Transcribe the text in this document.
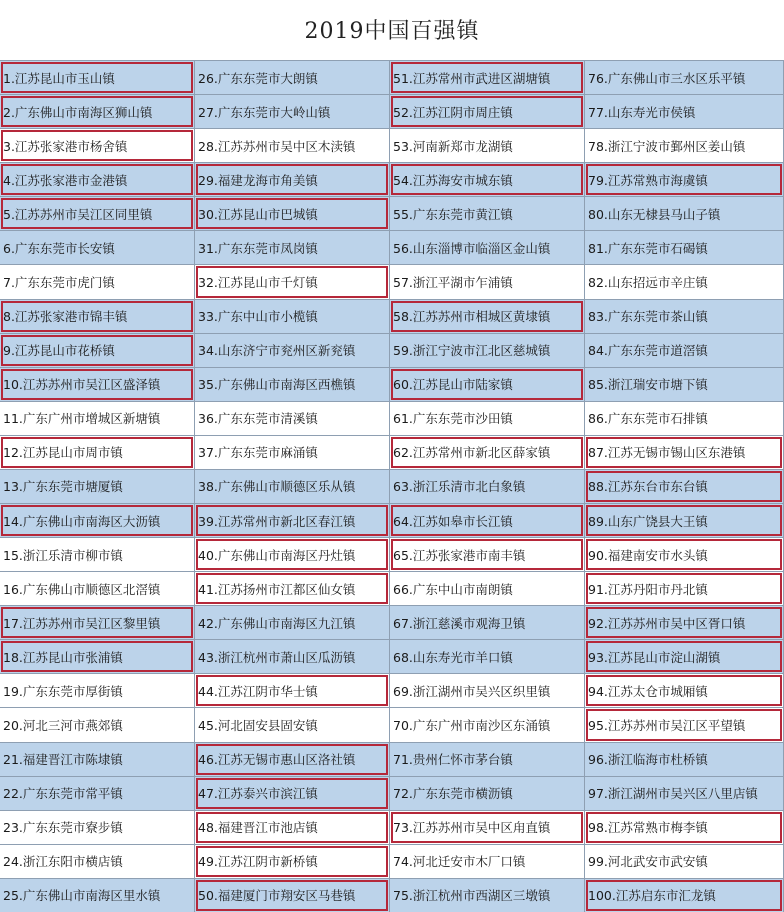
2019中国百强镇
1.江苏昆山市玉山镇	26.广东东莞市大朗镇	51.江苏常州市武进区湖塘镇	76.广东佛山市三水区乐平镇
2.广东佛山市南海区狮山镇	27.广东东莞市大岭山镇	52.江苏江阴市周庄镇	77.山东寿光市侯镇
3.江苏张家港市杨舍镇	28.江苏苏州市吴中区木渎镇	53.河南新郑市龙湖镇	78.浙江宁波市鄞州区姜山镇
4.江苏张家港市金港镇	29.福建龙海市角美镇	54.江苏海安市城东镇	79.江苏常熟市海虞镇
5.江苏苏州市吴江区同里镇	30.江苏昆山市巴城镇	55.广东东莞市黄江镇	80.山东无棣县马山子镇
6.广东东莞市长安镇	31.广东东莞市凤岗镇	56.山东淄博市临淄区金山镇	81.广东东莞市石碣镇
7.广东东莞市虎门镇	32.江苏昆山市千灯镇	57.浙江平湖市乍浦镇	82.山东招远市辛庄镇
8.江苏张家港市锦丰镇	33.广东中山市小榄镇	58.江苏苏州市相城区黄埭镇	83.广东东莞市茶山镇
9.江苏昆山市花桥镇	34.山东济宁市兖州区新兖镇	59.浙江宁波市江北区慈城镇	84.广东东莞市道滘镇
10.江苏苏州市吴江区盛泽镇	35.广东佛山市南海区西樵镇	60.江苏昆山市陆家镇	85.浙江瑞安市塘下镇
11.广东广州市增城区新塘镇	36.广东东莞市清溪镇	61.广东东莞市沙田镇	86.广东东莞市石排镇
12.江苏昆山市周市镇	37.广东东莞市麻涌镇	62.江苏常州市新北区薛家镇	87.江苏无锡市锡山区东港镇
13.广东东莞市塘厦镇	38.广东佛山市顺德区乐从镇	63.浙江乐清市北白象镇	88.江苏东台市东台镇
14.广东佛山市南海区大沥镇	39.江苏常州市新北区春江镇	64.江苏如皋市长江镇	89.山东广饶县大王镇
15.浙江乐清市柳市镇	40.广东佛山市南海区丹灶镇	65.江苏张家港市南丰镇	90.福建南安市水头镇
16.广东佛山市顺德区北滘镇	41.江苏扬州市江都区仙女镇	66.广东中山市南朗镇	91.江苏丹阳市丹北镇
17.江苏苏州市吴江区黎里镇	42.广东佛山市南海区九江镇	67.浙江慈溪市观海卫镇	92.江苏苏州市吴中区胥口镇
18.江苏昆山市张浦镇	43.浙江杭州市萧山区瓜沥镇	68.山东寿光市羊口镇	93.江苏昆山市淀山湖镇
19.广东东莞市厚街镇	44.江苏江阴市华士镇	69.浙江湖州市吴兴区织里镇	94.江苏太仓市城厢镇
20.河北三河市燕郊镇	45.河北固安县固安镇	70.广东广州市南沙区东涌镇	95.江苏苏州市吴江区平望镇
21.福建晋江市陈埭镇	46.江苏无锡市惠山区洛社镇	71.贵州仁怀市茅台镇	96.浙江临海市杜桥镇
22.广东东莞市常平镇	47.江苏泰兴市滨江镇	72.广东东莞市横沥镇	97.浙江湖州市吴兴区八里店镇
23.广东东莞市寮步镇	48.福建晋江市池店镇	73.江苏苏州市吴中区甪直镇	98.江苏常熟市梅李镇
24.浙江东阳市横店镇	49.江苏江阴市新桥镇	74.河北迁安市木厂口镇	99.河北武安市武安镇
25.广东佛山市南海区里水镇	50.福建厦门市翔安区马巷镇	75.浙江杭州市西湖区三墩镇	100.江苏启东市汇龙镇
